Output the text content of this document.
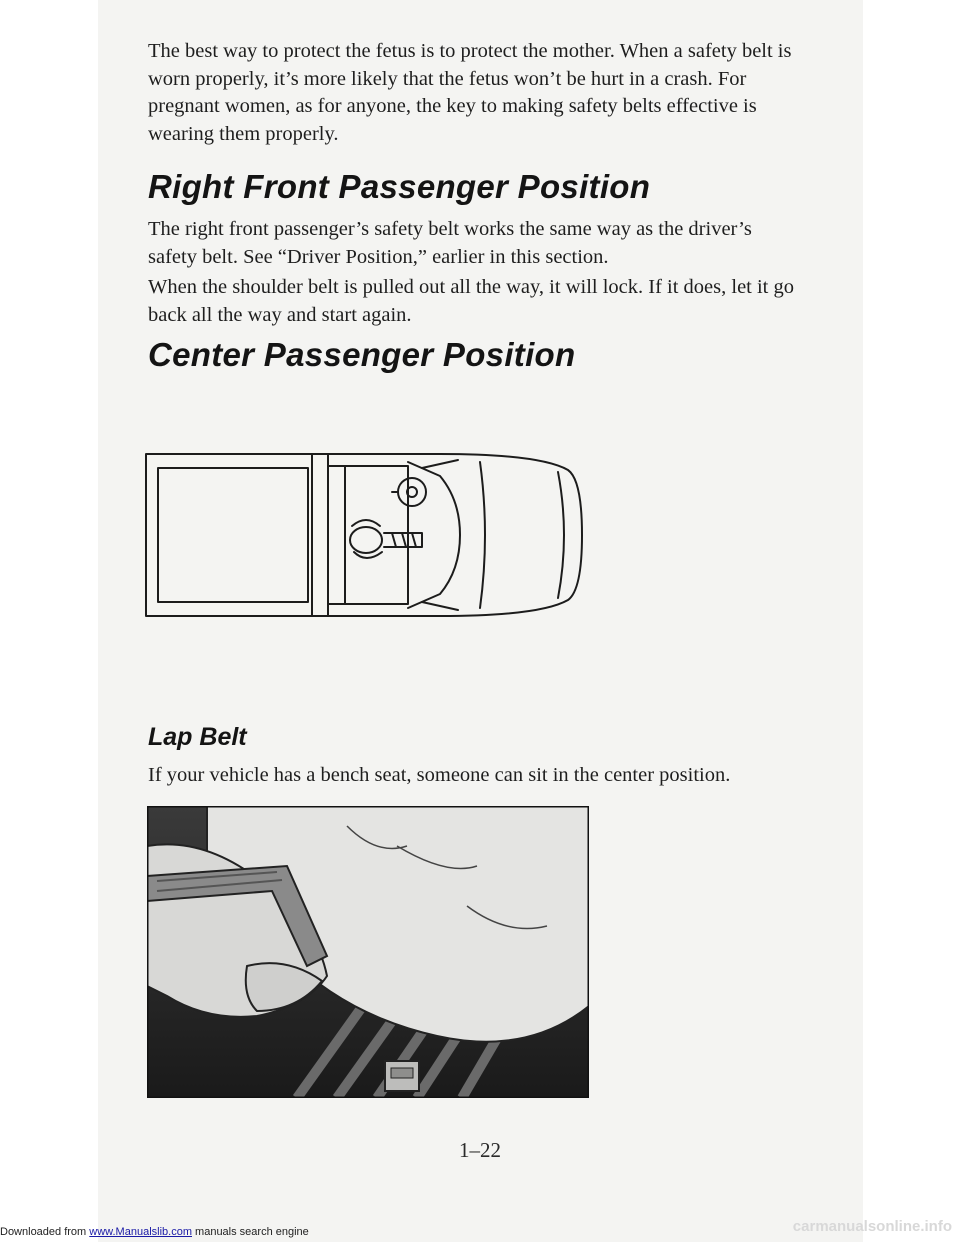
The best way to protect the fetus is to protect the mother. When a safety belt is worn properly, it’s more likely that the fetus won’t be hurt in a crash. For pregnant women, as for anyone, the key to making safety belts effective is wearing them properly.

Right Front Passenger Position

The right front passenger’s safety belt works the same way as the driver’s safety belt. See “Driver Position,” earlier in this section.

When the shoulder belt is pulled out all the way, it will lock. If it does, let it go back all the way and start again.

Center Passenger Position
Lap Belt

If your vehicle has a bench seat, someone can sit in the center position.

1–22
Downloaded from www.Manualslib.com manuals search engine	carmanualsonline.info
